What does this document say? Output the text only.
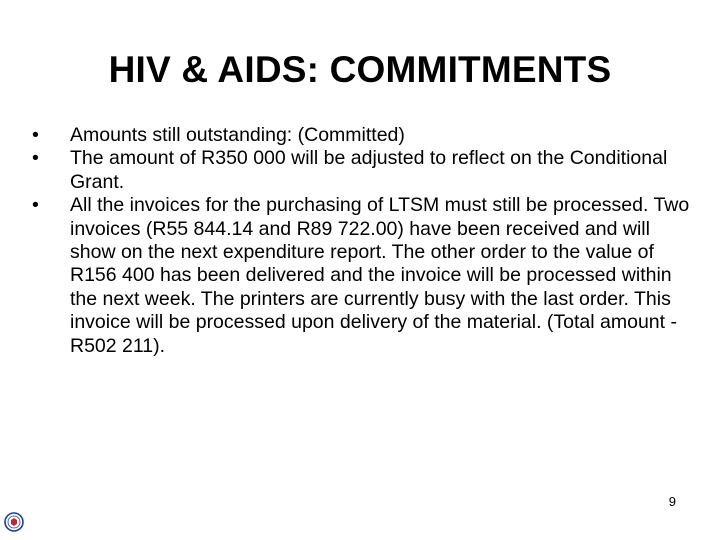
HIV & AIDS: COMMITMENTS
•	Amounts still outstanding: (Committed)
•	The amount of R350 000 will be adjusted to reflect on the Conditional Grant.
•	All the invoices for the purchasing of LTSM must still be processed. Two invoices (R55 844.14 and R89 722.00) have been received and will show on the next expenditure report. The other order to the value of R156 400 has been delivered and the invoice will be processed within the next week. The printers are currently busy with the last order. This invoice will be processed upon delivery of the material. (Total amount - R502 211).
9
